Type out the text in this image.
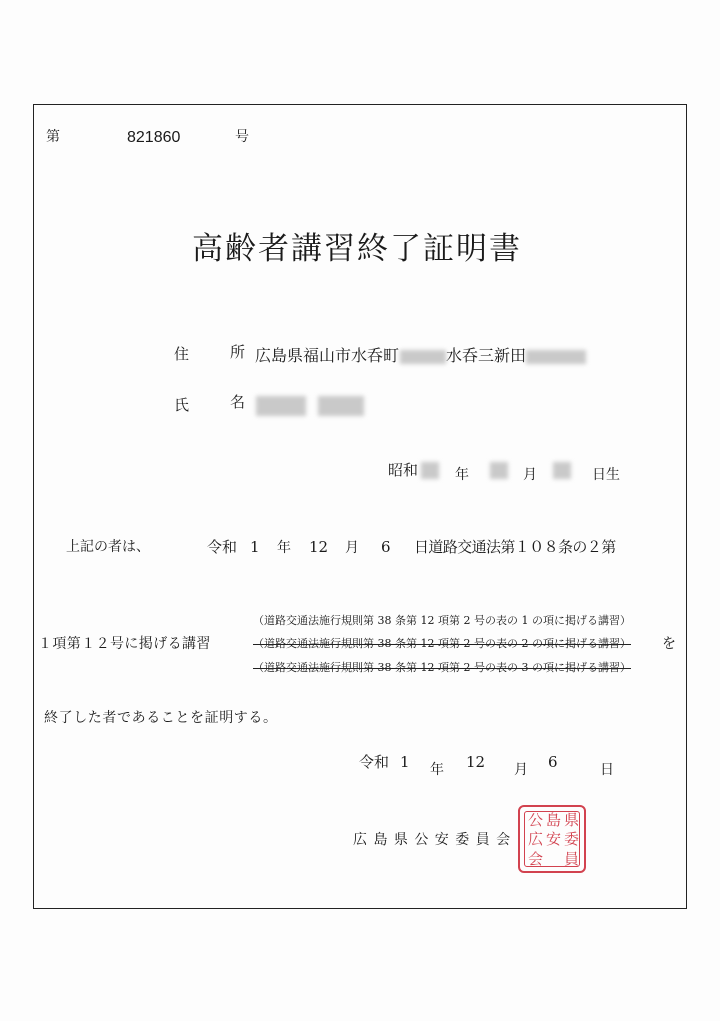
第	821860	号
高齢者講習終了証明書
住	所 広島県福山市水呑町	水呑三新田
氏	名
昭和	年	月	日生
上記の者は、	令和 1 年 12 月 6 日道路交通法第１０８条の２第
（道路交通法施行規則第 38 条第 12 項第 2 号の表の 1 の項に掲げる講習）
１項第１２号に掲げる講習	（道路交通法施行規則第 38 条第 12 項第 2 号の表の 2 の項に掲げる講習） を
（道路交通法施行規則第 38 条第 12 項第 2 号の表の 3 の項に掲げる講習）
終了した者であることを証明する。
令和 1 年 12 月 6	日
広 島 県 公 安 委 員 会
県
委
島
安
公
員
広
会
